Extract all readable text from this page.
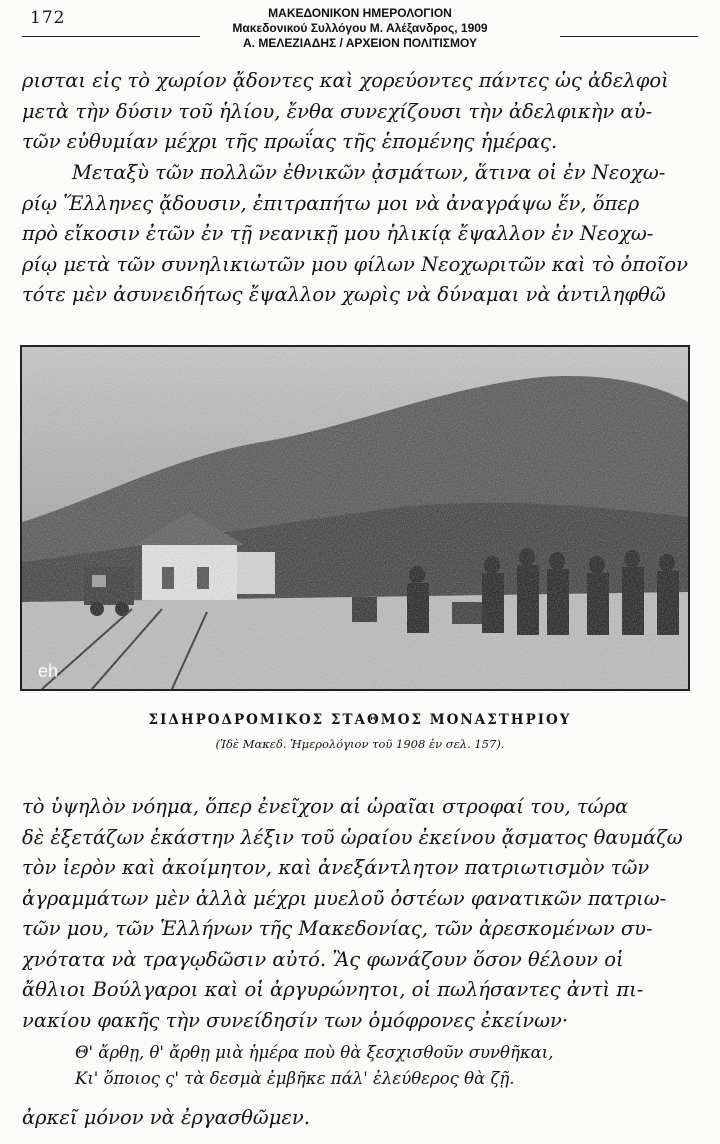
172	ΜΑΚΕΔΟΝΙΚΟΝ ΗΜΕΡΟΛΟΓΙΟΝ
Μακεδονικού Συλλόγου Μ. Αλέξανδρος, 1909
Α. ΜΕΛΕΖΙΑΔΗΣ / ΑΡΧΕΙΟΝ ΠΟΛΙΤΙΣΜΟΥ
ρισται εἰς τὸ χωρίον ᾄδοντες καὶ χορεύοντες πάντες ὡς ἀδελφοὶ
μετὰ τὴν δύσιν τοῦ ἡλίου, ἔνθα συνεχίζουσι τὴν ἀδελφικὴν αὐ-
τῶν εὐθυμίαν μέχρι τῆς πρωΐας τῆς ἑπομένης ἡμέρας.
Μεταξὺ τῶν πολλῶν ἐθνικῶν ᾀσμάτων, ἅτινα οἱ ἐν Νεοχω-
ρίῳ Ἕλληνες ᾄδουσιν, ἐπιτραπήτω μοι νὰ ἀναγράψω ἕν, ὅπερ
πρὸ εἴκοσιν ἐτῶν ἐν τῇ νεανικῇ μου ἡλικίᾳ ἔψαλλον ἐν Νεοχω-
ρίῳ μετὰ τῶν συνηλικιωτῶν μου φίλων Νεοχωριτῶν καὶ τὸ ὁποῖον
τότε μὲν ἀσυνειδήτως ἔψαλλον χωρὶς νὰ δύναμαι νὰ ἀντιληφθῶ
eh
ΣΙΔΗΡΟΔΡΟΜΙΚΟΣ ΣΤΑΘΜΟΣ ΜΟΝΑΣΤΗΡΙΟΥ
(Ἰδὲ Μακεδ. Ἡμερολόγιον τοῦ 1908 ἐν σελ. 157).
τὸ ὑψηλὸν νόημα, ὅπερ ἐνεῖχον αἱ ὡραῖαι στροφαί του, τώρα
δὲ ἐξετάζων ἑκάστην λέξιν τοῦ ὡραίου ἐκείνου ᾄσματος θαυμάζω
τὸν ἱερὸν καὶ ἀκοίμητον, καὶ ἀνεξάντλητον πατριωτισμὸν τῶν
ἀγραμμάτων μὲν ἀλλὰ μέχρι μυελοῦ ὀστέων φανατικῶν πατριω-
τῶν μου, τῶν Ἑλλήνων τῆς Μακεδονίας, τῶν ἀρεσκομένων συ-
χνότατα νὰ τραγῳδῶσιν αὐτό. Ἂς φωνάζουν ὅσον θέλουν οἱ
ἄθλιοι Βούλγαροι καὶ οἱ ἀργυρώνητοι, οἱ πωλήσαντες ἀντὶ πι-
νακίου φακῆς τὴν συνείδησίν των ὁμόφρονες ἐκείνων·
Θ' ἄρθῃ, θ' ἄρθῃ μιὰ ἡμέρα ποὺ θὰ ξεσχισθοῦν συνθῆκαι,
Κι' ὅποιος ς' τὰ δεσμὰ ἐμβῆκε πάλ' ἐλεύθερος θὰ ζῇ.
ἀρκεῖ μόνον νὰ ἐργασθῶμεν.
